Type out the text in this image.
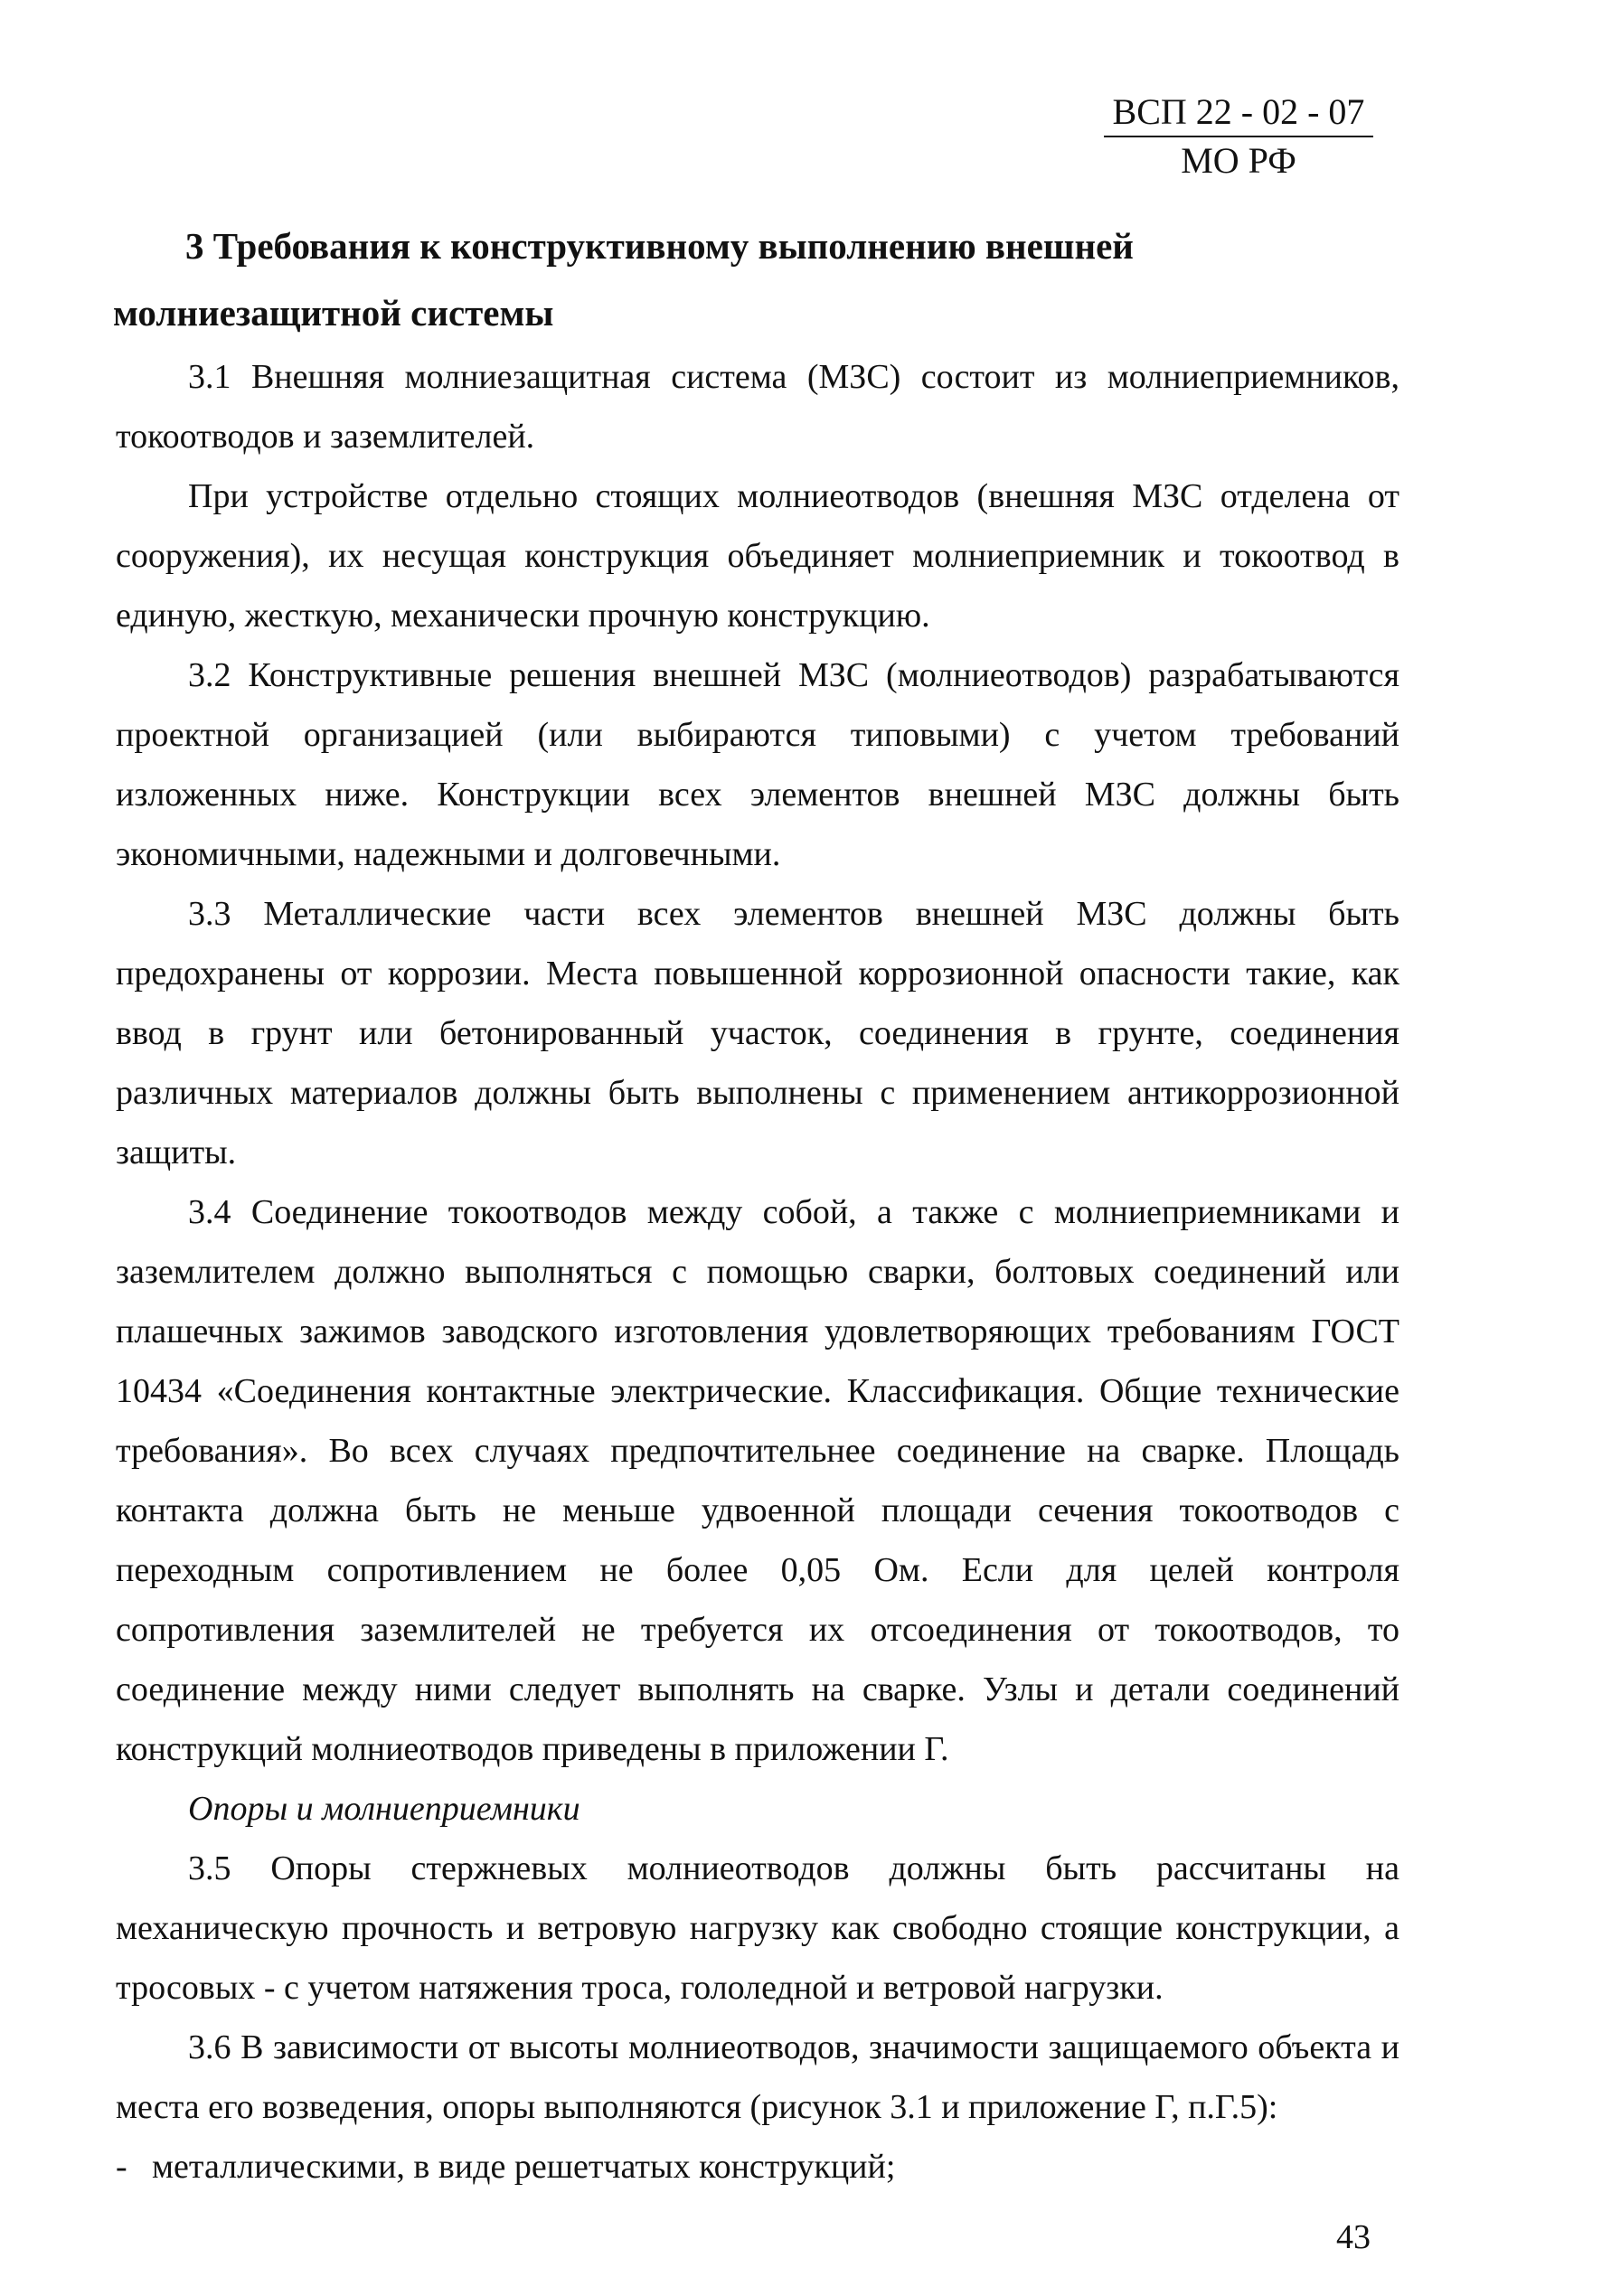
ВСП 22 - 02 - 07
МО РФ
3 Требования к конструктивному выполнению внешней
молниезащитной системы

3.1 Внешняя молниезащитная система (МЗС) состоит из молниеприемников, токоотводов и заземлителей.

При устройстве отдельно стоящих молниеотводов (внешняя МЗС отделена от сооружения), их несущая конструкция объединяет молниеприемник и токоотвод в единую, жесткую, механически прочную конструкцию.

3.2 Конструктивные решения внешней МЗС (молниеотводов) разрабатываются проектной организацией (или выбираются типовыми) с учетом требований изложенных ниже. Конструкции всех элементов внешней МЗС должны быть экономичными, надежными и долговечными.

3.3 Металлические части всех элементов внешней МЗС должны быть предохранены от коррозии. Места повышенной коррозионной опасности такие, как ввод в грунт или бетонированный участок, соединения в грунте, соединения различных материалов должны быть выполнены с применением антикоррозионной защиты.

3.4 Соединение токоотводов между собой, а также с молниеприемниками и заземлителем должно выполняться с помощью сварки, болтовых соединений или плашечных зажимов заводского изготовления удовлетворяющих требованиям ГОСТ 10434 «Соединения контактные электрические. Классификация. Общие технические требования». Во всех случаях предпочтительнее соединение на сварке. Площадь контакта должна быть не меньше удвоенной площади сечения токоотводов с переходным сопротивлением не более 0,05 Ом. Если для целей контроля сопротивления заземлителей не требуется их отсоединения от токоотводов, то соединение между ними следует выполнять на сварке. Узлы и детали соединений конструкций молниеотводов приведены в приложении Г.

Опоры и молниеприемники

3.5 Опоры стержневых молниеотводов должны быть рассчитаны на механическую прочность и ветровую нагрузку как свободно стоящие конструкции, а тросовых - с учетом натяжения троса, гололедной и ветровой нагрузки.

3.6 В зависимости от высоты молниеотводов, значимости защищаемого объекта и места его возведения, опоры выполняются (рисунок 3.1 и приложение Г, п.Г.5):

- металлическими, в виде решетчатых конструкций;

43
